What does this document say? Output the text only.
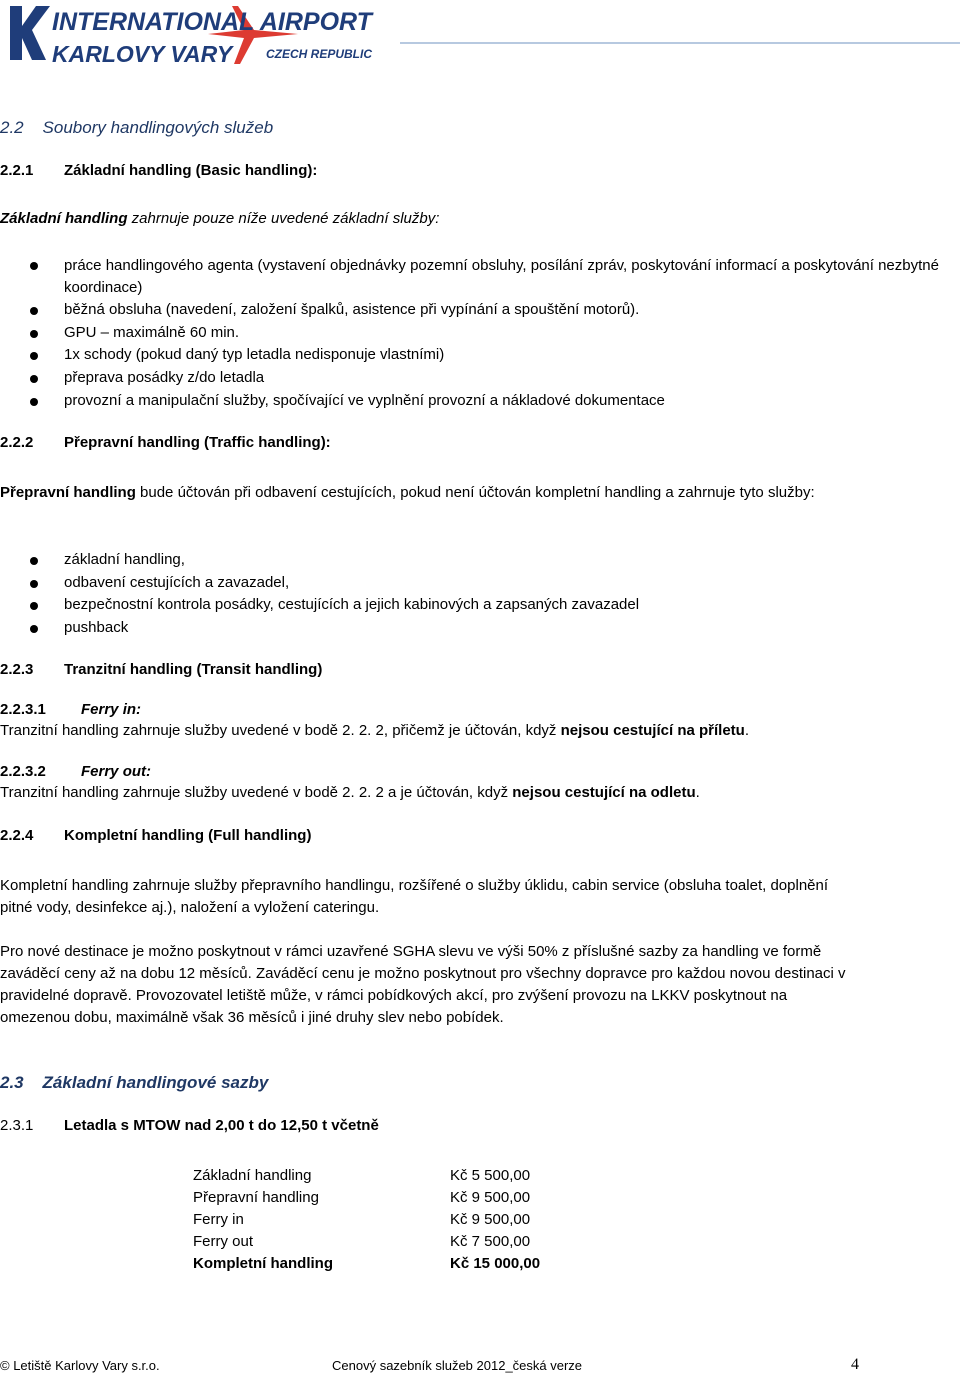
INTERNATIONAL AIRPORT
KARLOVY VARY	CZECH REPUBLIC
2.2 Soubory handlingových služeb
2.2.1 Základní handling (Basic handling):
Základní handling zahrnuje pouze níže uvedené základní služby:
práce handlingového agenta (vystavení objednávky pozemní obsluhy, posílání zpráv, poskytování informací a poskytování nezbytné koordinace)
běžná obsluha (navedení, založení špalků, asistence při vypínání a spouštění motorů).
GPU – maximálně 60 min.
1x schody (pokud daný typ letadla nedisponuje vlastními)
přeprava posádky z/do letadla
provozní a manipulační služby, spočívající ve vyplnění provozní a nákladové dokumentace
2.2.2 Přepravní handling (Traffic handling):
Přepravní handling bude účtován při odbavení cestujících, pokud není účtován kompletní handling a zahrnuje tyto služby:
základní handling,
odbavení cestujících a zavazadel,
bezpečnostní kontrola posádky, cestujících a jejich kabinových a zapsaných zavazadel
pushback
2.2.3 Tranzitní handling (Transit handling)
2.2.3.1 Ferry in:
Tranzitní handling zahrnuje služby uvedené v bodě 2. 2. 2, přičemž je účtován, když nejsou cestující na příletu.
2.2.3.2 Ferry out:
Tranzitní handling zahrnuje služby uvedené v bodě 2. 2. 2 a je účtován, když nejsou cestující na odletu.
2.2.4 Kompletní handling (Full handling)
Kompletní handling zahrnuje služby přepravního handlingu, rozšířené o služby úklidu, cabin service (obsluha toalet, doplnění pitné vody, desinfekce aj.), naložení a vyložení cateringu.
Pro nové destinace je možno poskytnout v rámci uzavřené SGHA slevu ve výši 50% z příslušné sazby za handling ve formě zaváděcí ceny až na dobu 12 měsíců. Zaváděcí cenu je možno poskytnout pro všechny dopravce pro každou novou destinaci v pravidelné dopravě. Provozovatel letiště může, v rámci pobídkových akcí, pro zvýšení provozu na LKKV poskytnout na omezenou dobu, maximálně však 36 měsíců i jiné druhy slev nebo pobídek.
2.3 Základní handlingové sazby
2.3.1 Letadla s MTOW nad 2,00 t do 12,50 t včetně
Základní handling	Kč 5 500,00
Přepravní handling	Kč 9 500,00
Ferry in	Kč 9 500,00
Ferry out	Kč 7 500,00
Kompletní handling	Kč 15 000,00
© Letiště Karlovy Vary s.r.o.	Cenový sazebník služeb 2012_česká verze	4
